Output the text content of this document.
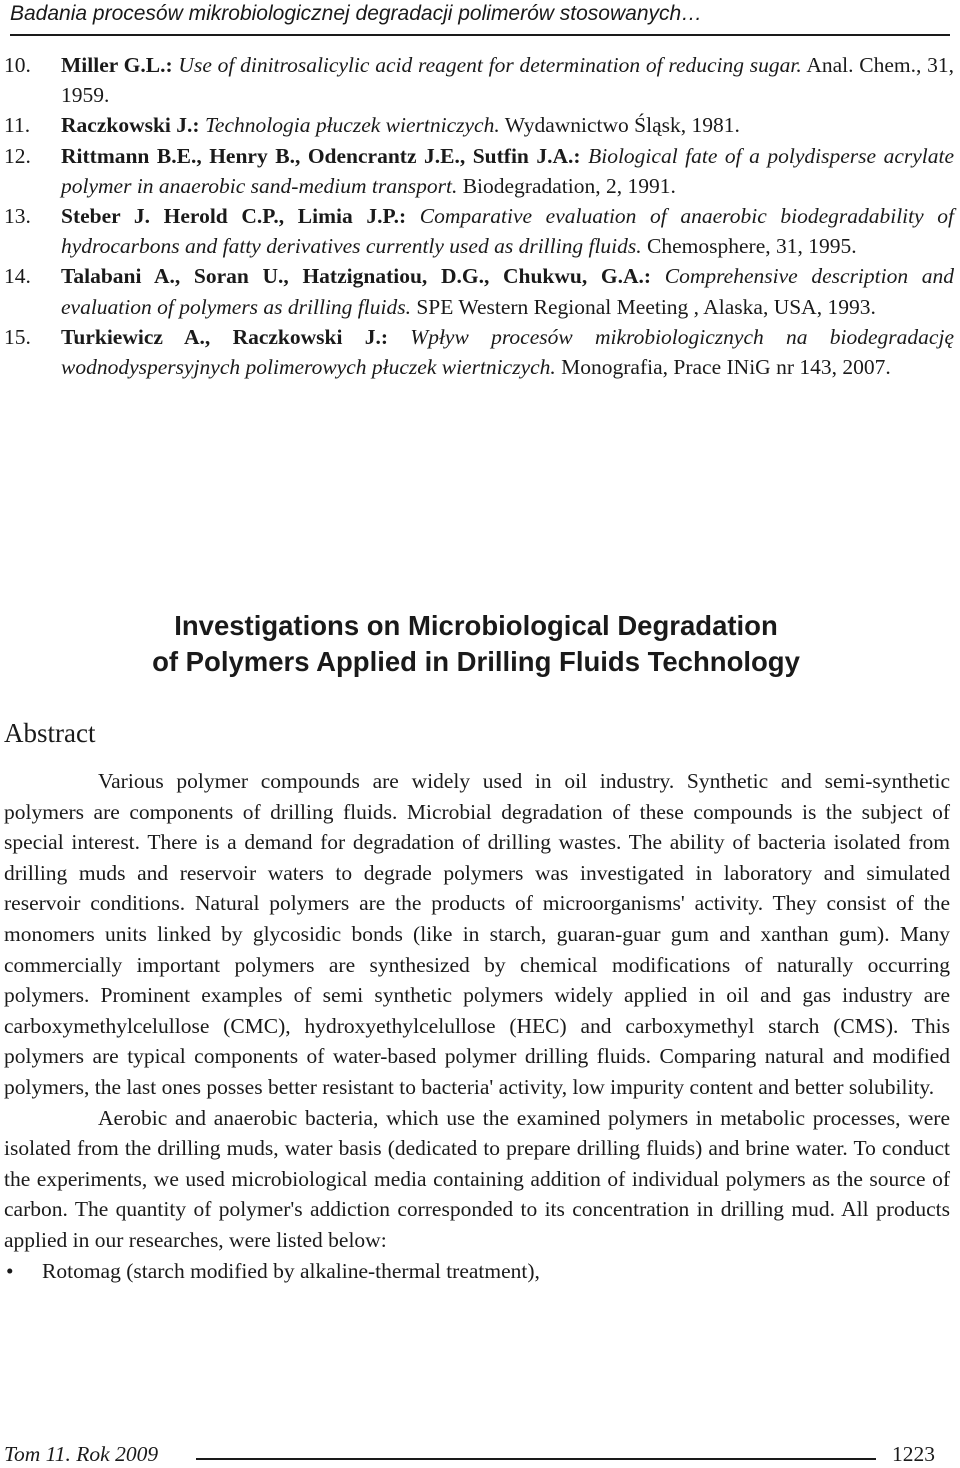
Badania procesów mikrobiologicznej degradacji polimerów stosowanych…
10.	Miller G.L.: Use of dinitrosalicylic acid reagent for determination of reducing sugar. Anal. Chem., 31, 1959.
11.	Raczkowski J.: Technologia płuczek wiertniczych. Wydawnictwo Śląsk, 1981.
12.	Rittmann B.E., Henry B., Odencrantz J.E., Sutfin J.A.: Biological fate of a polydisperse acrylate polymer in anaerobic sand-medium transport. Biodegradation, 2, 1991.
13.	Steber J. Herold C.P., Limia J.P.: Comparative evaluation of anaerobic biodegradability of hydrocarbons and fatty derivatives currently used as drilling fluids. Chemosphere, 31, 1995.
14.	Talabani A., Soran U., Hatzignatiou, D.G., Chukwu, G.A.: Comprehensive description and evaluation of polymers as drilling fluids. SPE Western Regional Meeting , Alaska, USA, 1993.
15.	Turkiewicz A., Raczkowski J.: Wpływ procesów mikrobiologicznych na biodegradację wodnodyspersyjnych polimerowych płuczek wiertniczych. Monografia, Prace INiG nr 143, 2007.
Investigations on Microbiological Degradation
of Polymers Applied in Drilling Fluids Technology
Abstract

Various polymer compounds are widely used in oil industry. Synthetic and semi-synthetic polymers are components of drilling fluids. Microbial degradation of these compounds is the subject of special interest. There is a demand for degradation of drilling wastes. The ability of bacteria isolated from drilling muds and reservoir waters to degrade polymers was investigated in laboratory and simulated reservoir conditions. Natural polymers are the products of microorganisms' activity. They consist of the monomers units linked by glycosidic bonds (like in starch, guaran-guar gum and xanthan gum). Many commercially important polymers are synthesized by chemical modifications of naturally occurring polymers. Prominent examples of semi synthetic polymers widely applied in oil and gas industry are carboxymethylcelullose (CMC), hydroxyethylcelullose (HEC) and carboxymethyl starch (CMS). This polymers are typical components of water-based polymer drilling fluids. Comparing natural and modified polymers, the last ones posses better resistant to bacteria' activity, low impurity content and better solubility.

Aerobic and anaerobic bacteria, which use the examined polymers in metabolic processes, were isolated from the drilling muds, water basis (dedicated to prepare drilling fluids) and brine water. To conduct the experiments, we used microbiological media containing addition of individual polymers as the source of carbon. The quantity of polymer's addiction corresponded to its concentration in drilling mud. All products applied in our researches, were listed below:

•	Rotomag (starch modified by alkaline-thermal treatment),
Tom 11. Rok 2009	1223
